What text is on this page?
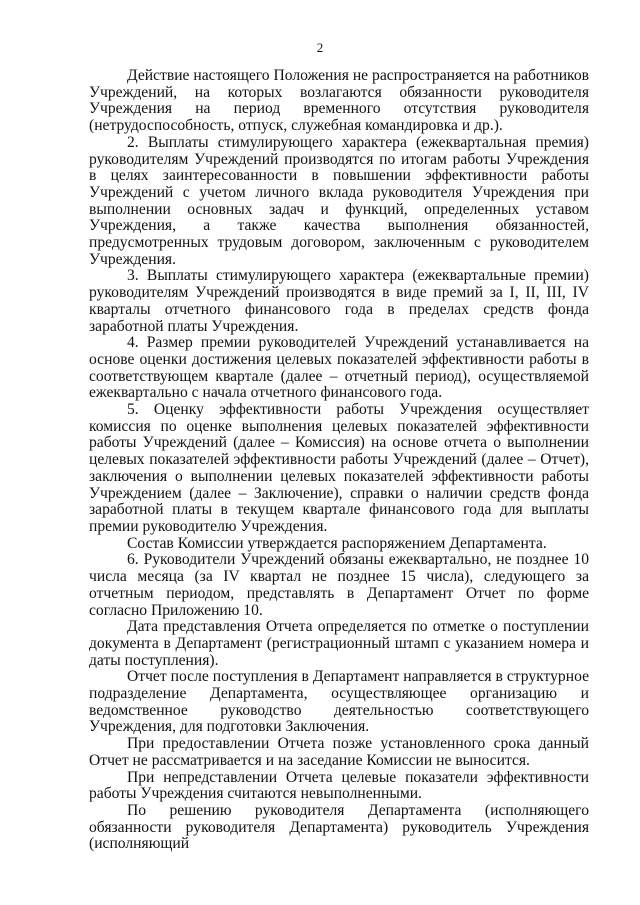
2

Действие настоящего Положения не распространяется на работников Учреждений, на которых возлагаются обязанности руководителя Учреждения на период временного отсутствия руководителя (нетрудоспособность, отпуск, служебная командировка и др.).

2. Выплаты стимулирующего характера (ежеквартальная премия) руководителям Учреждений производятся по итогам работы Учреждения в целях заинтересованности в повышении эффективности работы Учреждений с учетом личного вклада руководителя Учреждения при выполнении основных задач и функций, определенных уставом Учреждения, а также качества выполнения обязанностей, предусмотренных трудовым договором, заключенным с руководителем Учреждения.

3. Выплаты стимулирующего характера (ежеквартальные премии) руководителям Учреждений производятся в виде премий за I, II, III, IV кварталы отчетного финансового года в пределах средств фонда заработной платы Учреждения.

4. Размер премии руководителей Учреждений устанавливается на основе оценки достижения целевых показателей эффективности работы в соответствующем квартале (далее – отчетный период), осуществляемой ежеквартально с начала отчетного финансового года.

5. Оценку эффективности работы Учреждения осуществляет комиссия по оценке выполнения целевых показателей эффективности работы Учреждений (далее – Комиссия) на основе отчета о выполнении целевых показателей эффективности работы Учреждений (далее – Отчет), заключения о выполнении целевых показателей эффективности работы Учреждением (далее – Заключение), справки о наличии средств фонда заработной платы в текущем квартале финансового года для выплаты премии руководителю Учреждения.

Состав Комиссии утверждается распоряжением Департамента.

6. Руководители Учреждений обязаны ежеквартально, не позднее 10 числа месяца (за IV квартал не позднее 15 числа), следующего за отчетным периодом, представлять в Департамент Отчет по форме согласно Приложению 10.

Дата представления Отчета определяется по отметке о поступлении документа в Департамент (регистрационный штамп с указанием номера и даты поступления).

Отчет после поступления в Департамент направляется в структурное подразделение Департамента, осуществляющее организацию и ведомственное руководство деятельностью соответствующего Учреждения, для подготовки Заключения.

При предоставлении Отчета позже установленного срока данный Отчет не рассматривается и на заседание Комиссии не выносится.

При непредставлении Отчета целевые показатели эффективности работы Учреждения считаются невыполненными.

По решению руководителя Департамента (исполняющего обязанности руководителя Департамента) руководитель Учреждения (исполняющий
